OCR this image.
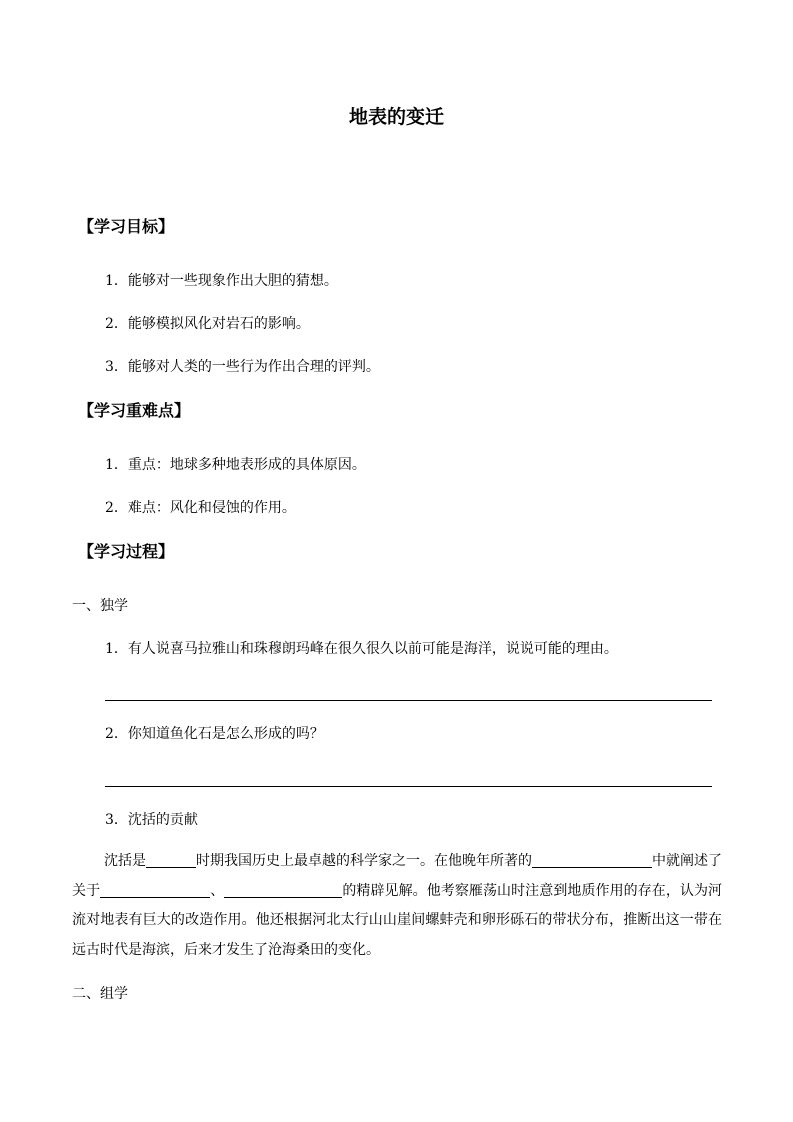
地表的变迁
【学习目标】
1．能够对一些现象作出大胆的猜想。
2．能够模拟风化对岩石的影响。
3．能够对人类的一些行为作出合理的评判。
【学习重难点】
1．重点：地球多种地表形成的具体原因。
2．难点：风化和侵蚀的作用。
【学习过程】
一、独学
1．有人说喜马拉雅山和珠穆朗玛峰在很久很久以前可能是海洋，说说可能的理由。
2．你知道鱼化石是怎么形成的吗？
3．沈括的贡献
沈括是	时期我国历史上最卓越的科学家之一。在他晚年所著的	中就阐述了关于	、	的精辟见解。他考察雁荡山时注意到地质作用的存在，认为河流对地表有巨大的改造作用。他还根据河北太行山山崖间螺蚌壳和卵形砾石的带状分布，推断出这一带在远古时代是海滨，后来才发生了沧海桑田的变化。
二、组学
